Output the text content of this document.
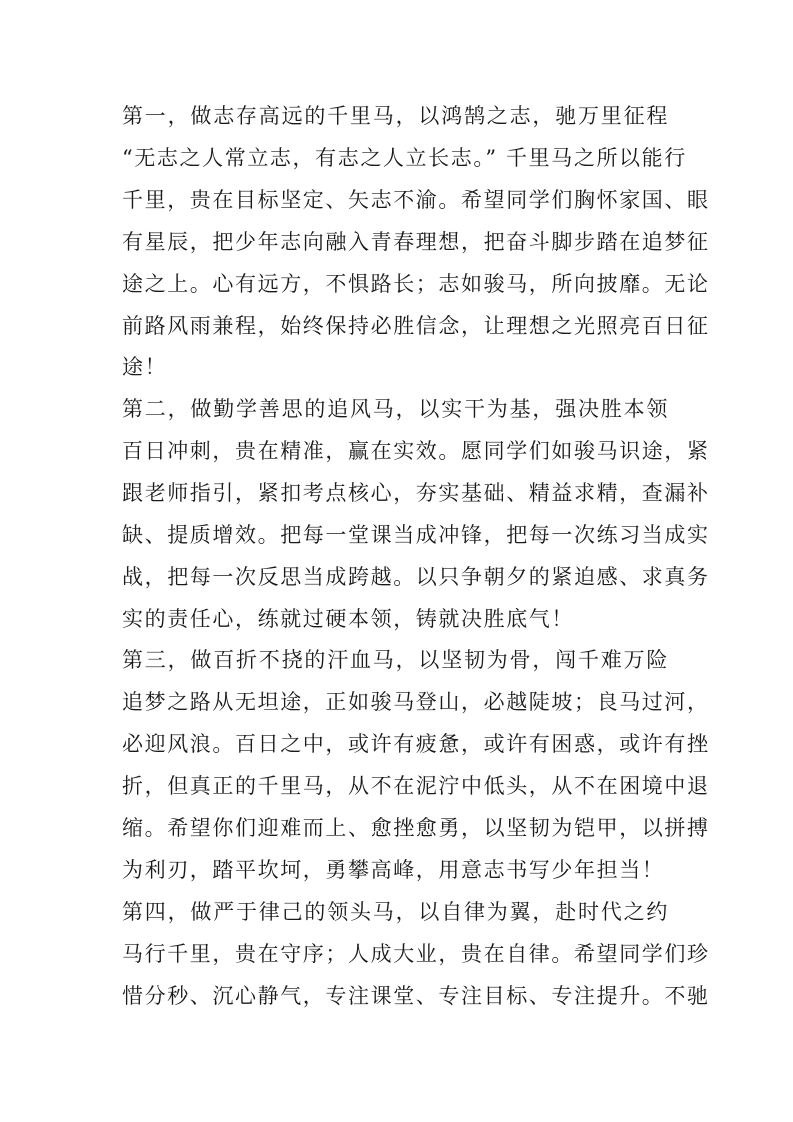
第一，做志存高远的千里马，以鸿鹄之志，驰万里征程
“无志之人常立志，有志之人立长志。” 千里马之所以能行
千里，贵在目标坚定、矢志不渝。希望同学们胸怀家国、眼
有星辰，把少年志向融入青春理想，把奋斗脚步踏在追梦征
途之上。心有远方，不惧路长；志如骏马，所向披靡。无论
前路风雨兼程，始终保持必胜信念，让理想之光照亮百日征
途！
第二，做勤学善思的追风马，以实干为基，强决胜本领
百日冲刺，贵在精准，赢在实效。愿同学们如骏马识途，紧
跟老师指引，紧扣考点核心，夯实基础、精益求精，查漏补
缺、提质增效。把每一堂课当成冲锋，把每一次练习当成实
战，把每一次反思当成跨越。以只争朝夕的紧迫感、求真务
实的责任心，练就过硬本领，铸就决胜底气！
第三，做百折不挠的汗血马，以坚韧为骨，闯千难万险
追梦之路从无坦途，正如骏马登山，必越陡坡；良马过河，
必迎风浪。百日之中，或许有疲惫，或许有困惑，或许有挫
折，但真正的千里马，从不在泥泞中低头，从不在困境中退
缩。希望你们迎难而上、愈挫愈勇，以坚韧为铠甲，以拼搏
为利刃，踏平坎坷，勇攀高峰，用意志书写少年担当！
第四，做严于律己的领头马，以自律为翼，赴时代之约
马行千里，贵在守序；人成大业，贵在自律。希望同学们珍
惜分秒、沉心静气，专注课堂、专注目标、专注提升。不驰
